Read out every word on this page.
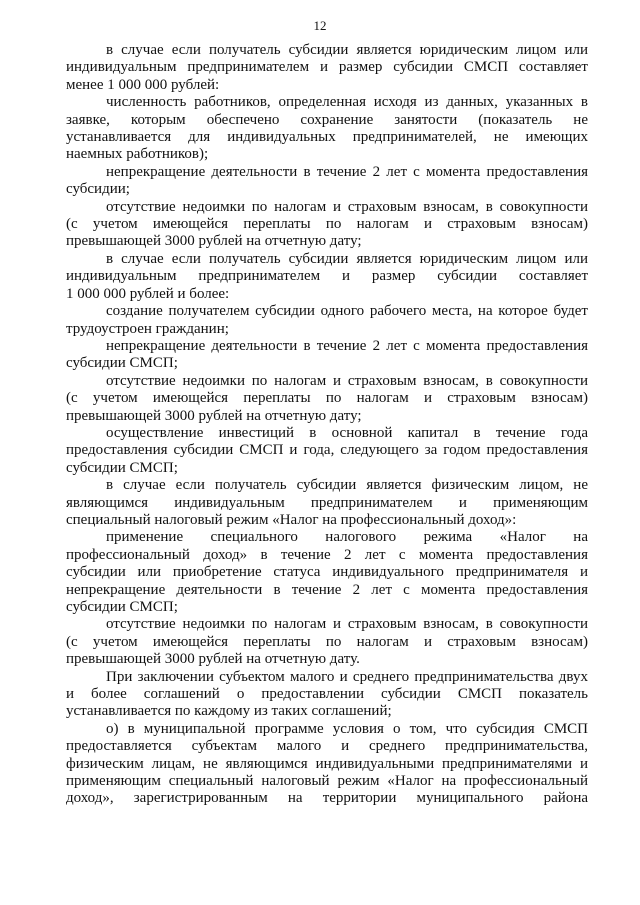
12
в случае если получатель субсидии является юридическим лицом или
индивидуальным предпринимателем и размер субсидии СМСП составляет
менее 1 000 000 рублей:
численность работников, определенная исходя из данных, указанных в
заявке, которым обеспечено сохранение занятости (показатель не
устанавливается для индивидуальных предпринимателей, не имеющих
наемных работников);
непрекращение деятельности в течение 2 лет с момента предоставления
субсидии;
отсутствие недоимки по налогам и страховым взносам, в совокупности
(с учетом имеющейся переплаты по налогам и страховым взносам)
превышающей 3000 рублей на отчетную дату;
в случае если получатель субсидии является юридическим лицом или
индивидуальным предпринимателем и размер субсидии составляет
1 000 000 рублей и более:
создание получателем субсидии одного рабочего места, на которое будет
трудоустроен гражданин;
непрекращение деятельности в течение 2 лет с момента предоставления
субсидии СМСП;
отсутствие недоимки по налогам и страховым взносам, в совокупности
(с учетом имеющейся переплаты по налогам и страховым взносам)
превышающей 3000 рублей на отчетную дату;
осуществление инвестиций в основной капитал в течение года
предоставления субсидии СМСП и года, следующего за годом предоставления
субсидии СМСП;
в случае если получатель субсидии является физическим лицом, не
являющимся индивидуальным предпринимателем и применяющим
специальный налоговый режим «Налог на профессиональный доход»:
применение специального налогового режима «Налог на
профессиональный доход» в течение 2 лет с момента предоставления
субсидии или приобретение статуса индивидуального предпринимателя и
непрекращение деятельности в течение 2 лет с момента предоставления
субсидии СМСП;
отсутствие недоимки по налогам и страховым взносам, в совокупности
(с учетом имеющейся переплаты по налогам и страховым взносам)
превышающей 3000 рублей на отчетную дату.
При заключении субъектом малого и среднего предпринимательства двух
и более соглашений о предоставлении субсидии СМСП показатель
устанавливается по каждому из таких соглашений;
о) в муниципальной программе условия о том, что субсидия СМСП
предоставляется субъектам малого и среднего предпринимательства,
физическим лицам, не являющимся индивидуальными предпринимателями и
применяющим специальный налоговый режим «Налог на профессиональный
доход», зарегистрированным на территории муниципального района
